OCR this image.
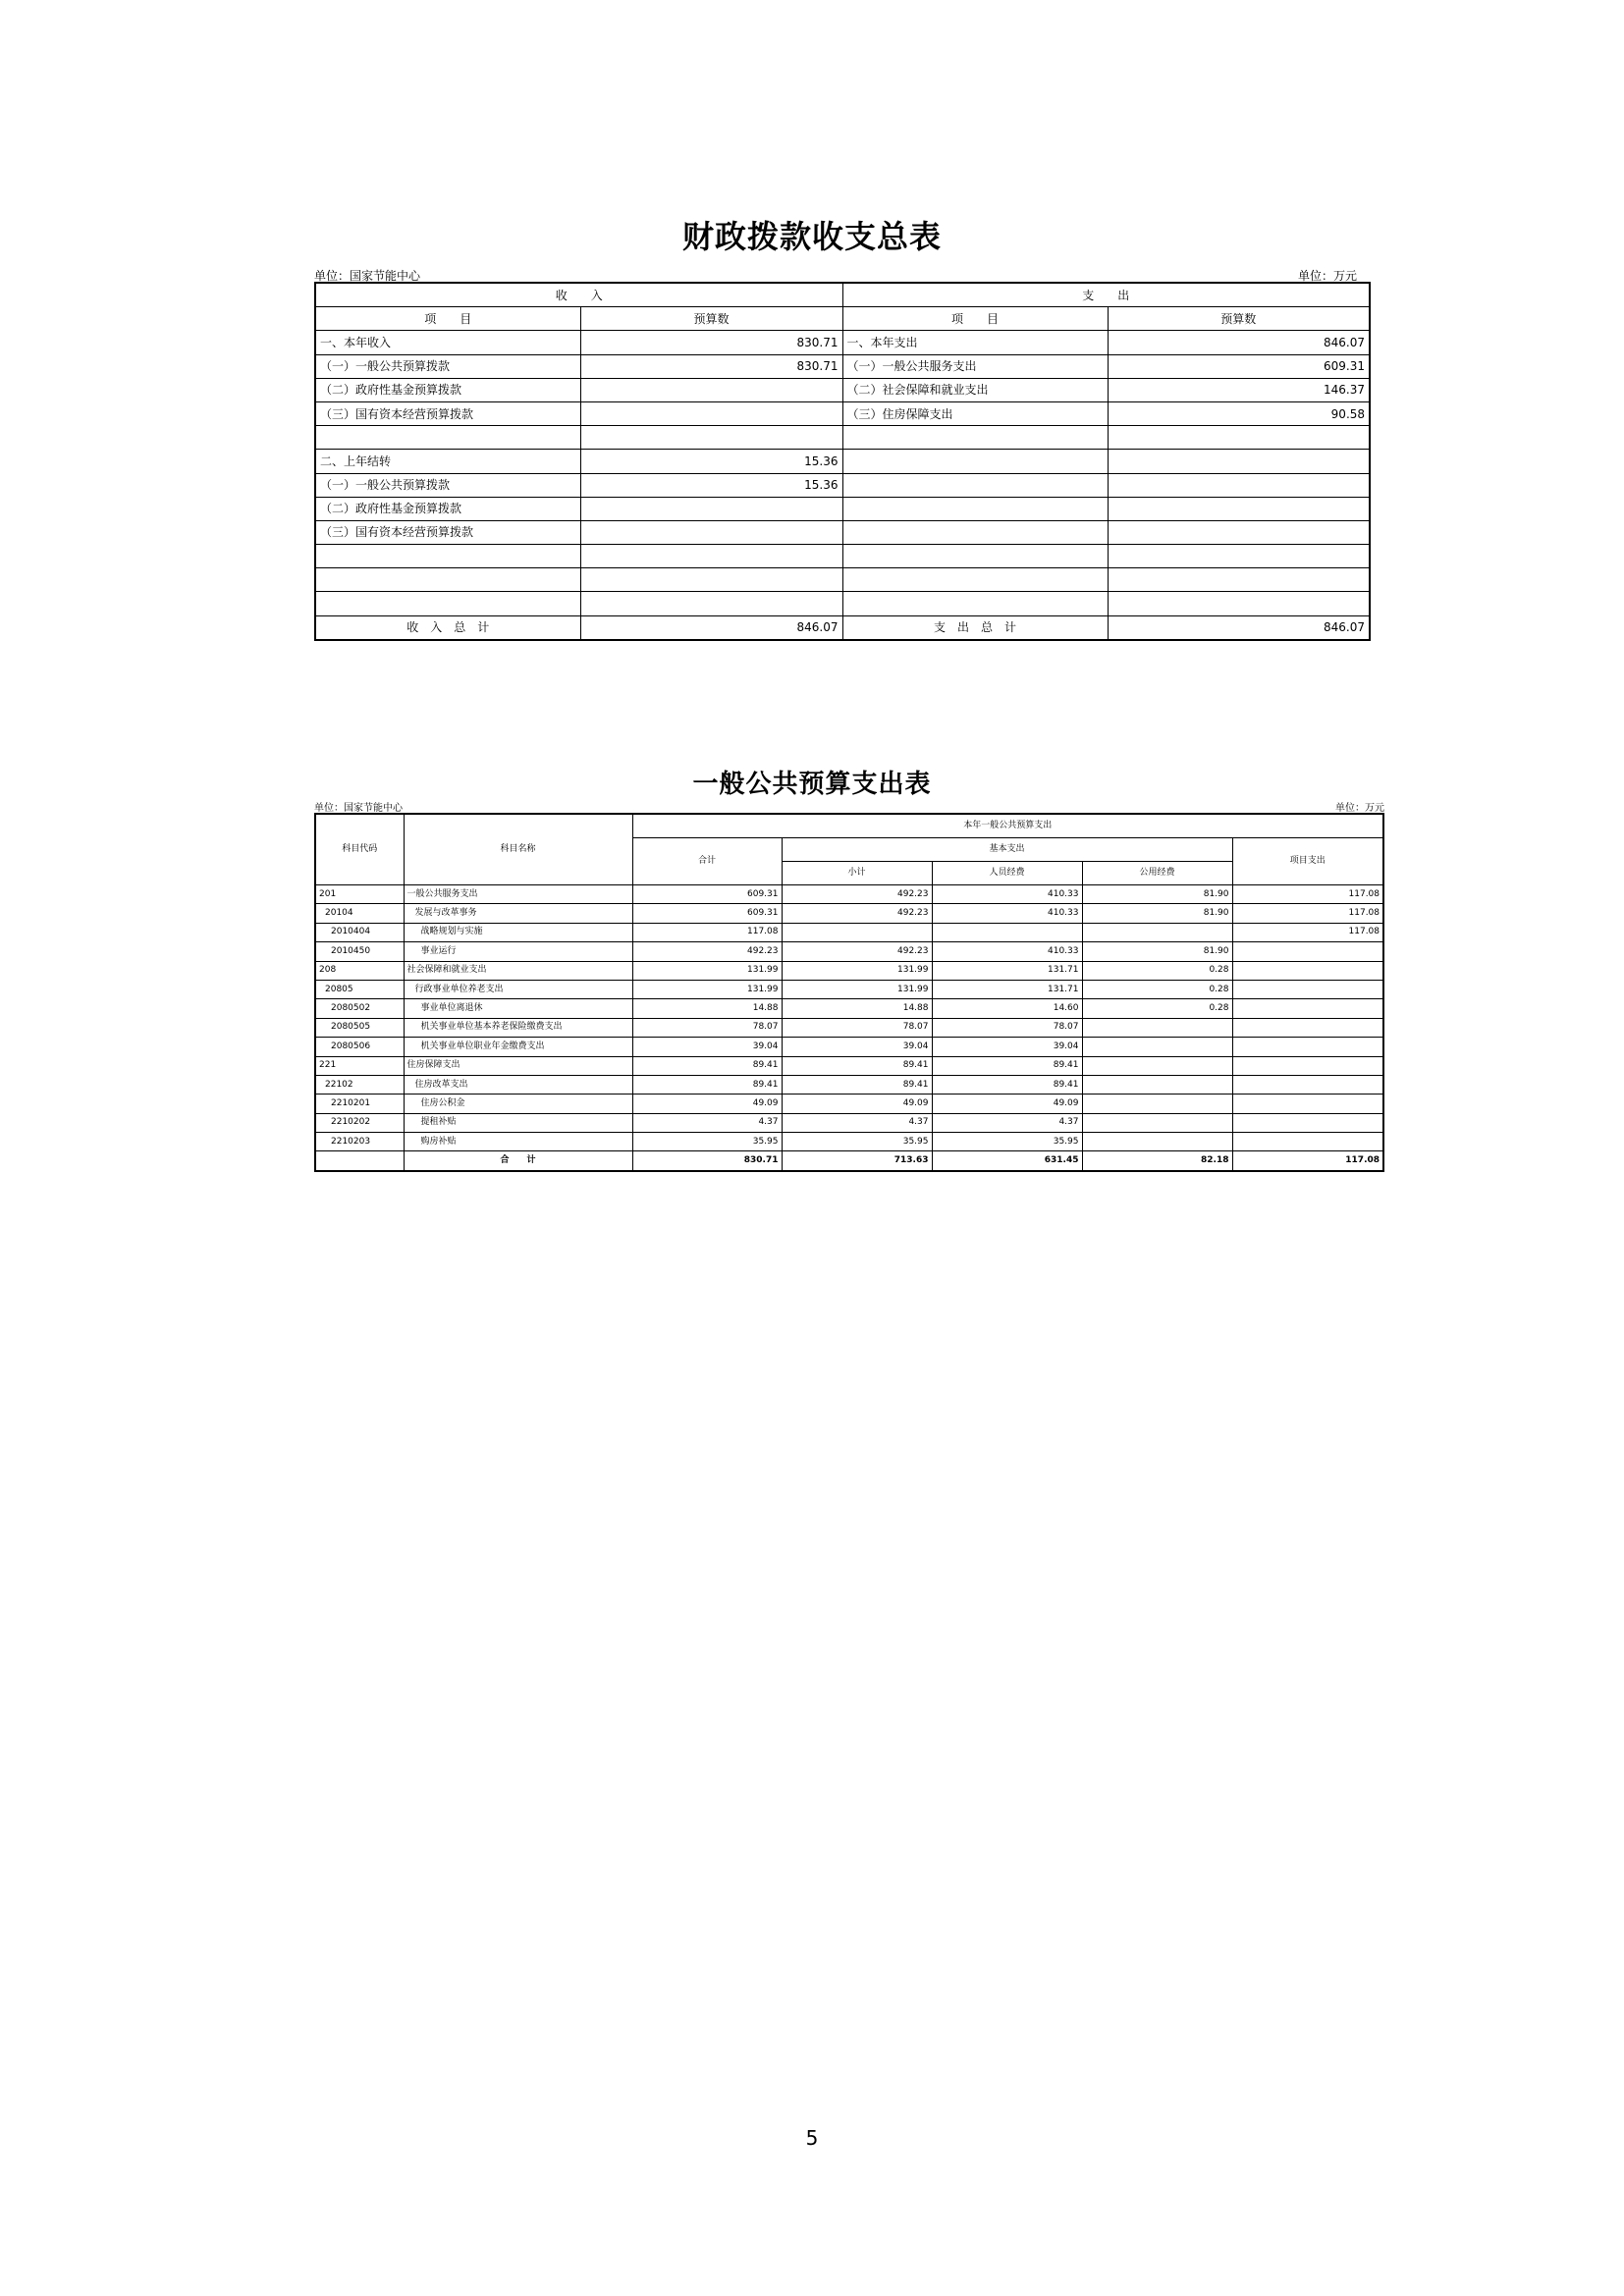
财政拨款收支总表
单位：国家节能中心	单位：万元
收　　入		支　　出	
项　　目	预算数	项　　目	预算数
一、本年收入	830.71	一、本年支出	846.07
（一）一般公共预算拨款	830.71	（一）一般公共服务支出	609.31
（二）政府性基金预算拨款		（二）社会保障和就业支出	146.37
（三）国有资本经营预算拨款		（三）住房保障支出	90.58

二、上年结转	15.36		
（一）一般公共预算拨款	15.36		
（二）政府性基金预算拨款			
（三）国有资本经营预算拨款			

收　入　总　计	846.07	支　出　总　计	846.07
一般公共预算支出表
单位：国家节能中心	单位：万元
科目代码	科目名称	本年一般公共预算支出				
		合计	基本支出			项目支出
			小计	人员经费	公用经费	
201	一般公共服务支出	609.31	492.23	410.33	81.90	117.08
20104	发展与改革事务	609.31	492.23	410.33	81.90	117.08
2010404	战略规划与实施	117.08				117.08
2010450	事业运行	492.23	492.23	410.33	81.90	
208	社会保障和就业支出	131.99	131.99	131.71	0.28	
20805	行政事业单位养老支出	131.99	131.99	131.71	0.28	
2080502	事业单位离退休	14.88	14.88	14.60	0.28	
2080505	机关事业单位基本养老保险缴费支出	78.07	78.07	78.07		
2080506	机关事业单位职业年金缴费支出	39.04	39.04	39.04		
221	住房保障支出	89.41	89.41	89.41		
22102	住房改革支出	89.41	89.41	89.41		
2210201	住房公积金	49.09	49.09	49.09		
2210202	提租补贴	4.37	4.37	4.37		
2210203	购房补贴	35.95	35.95	35.95		
	合　　计	830.71	713.63	631.45	82.18	117.08
5
